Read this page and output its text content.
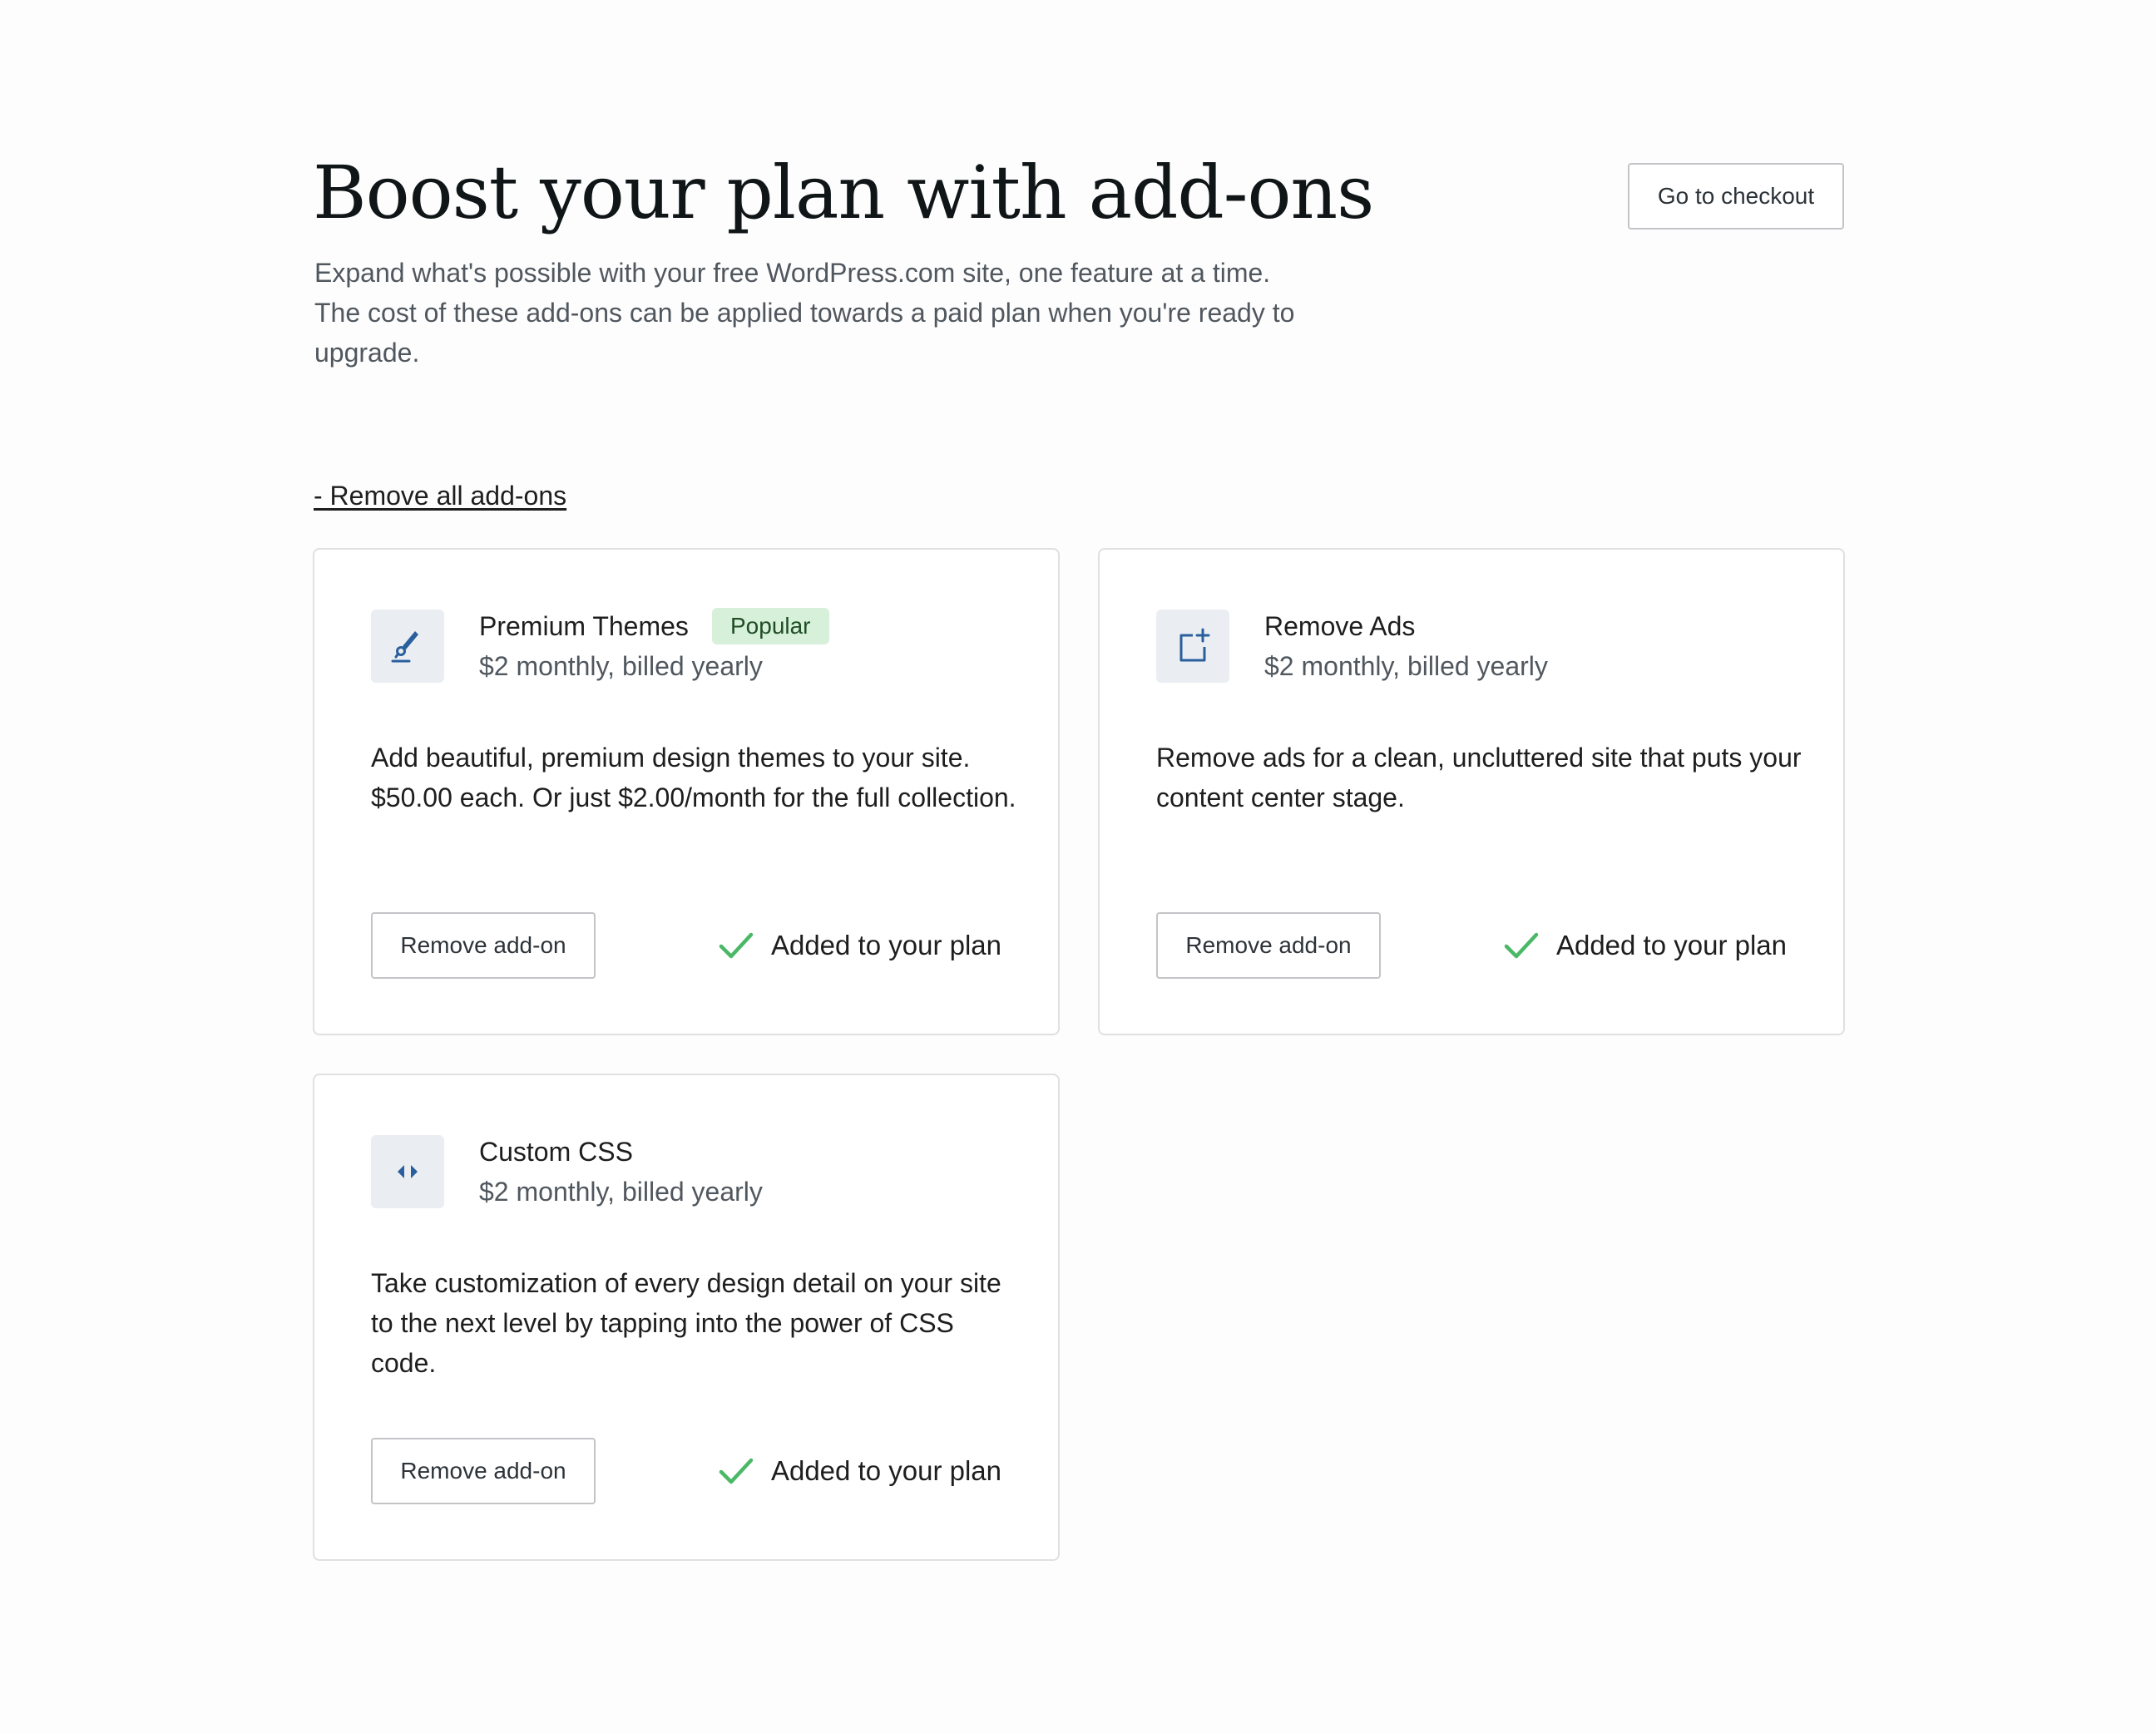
Boost your plan with add-ons

Expand what's possible with your free WordPress.com site, one feature at a time. The cost of these add-ons can be applied towards a paid plan when you're ready to upgrade.

Go to checkout
- Remove all add-ons
Premium Themes	Popular
$2 monthly, billed yearly

Add beautiful, premium design themes to your site. $50.00 each. Or just $2.00/month for the full collection.

Remove add-on	Added to your plan
Remove Ads
$2 monthly, billed yearly

Remove ads for a clean, uncluttered site that puts your content center stage.

Remove add-on	Added to your plan
Custom CSS
$2 monthly, billed yearly

Take customization of every design detail on your site to the next level by tapping into the power of CSS code.

Remove add-on	Added to your plan
